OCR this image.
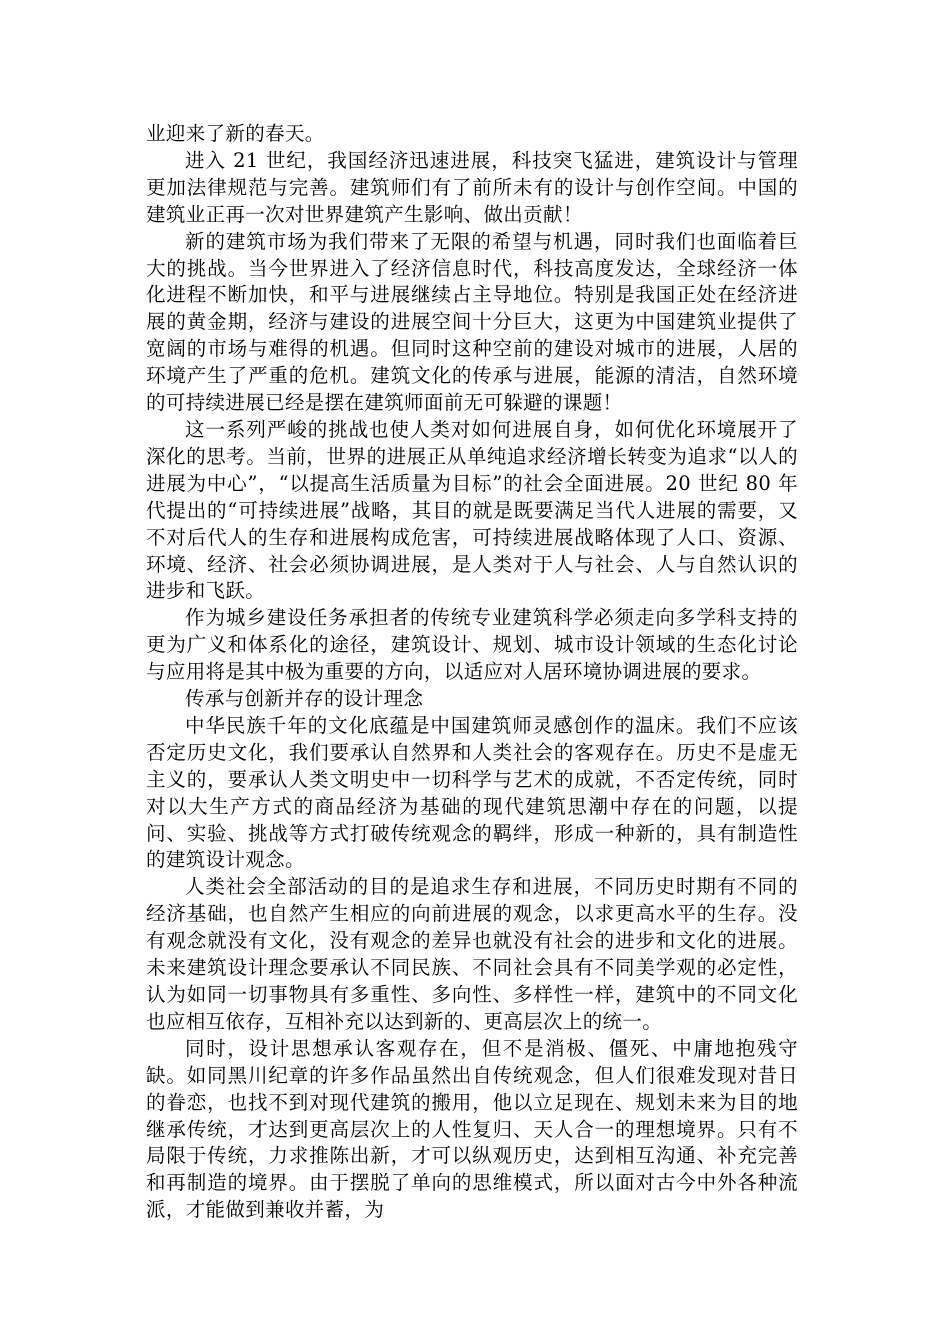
业迎来了新的春天。

进入 21 世纪，我国经济迅速进展，科技突飞猛进，建筑设计与管理更加法律规范与完善。建筑师们有了前所未有的设计与创作空间。中国的建筑业正再一次对世界建筑产生影响、做出贡献！

新的建筑市场为我们带来了无限的希望与机遇，同时我们也面临着巨大的挑战。当今世界进入了经济信息时代，科技高度发达，全球经济一体化进程不断加快，和平与进展继续占主导地位。特别是我国正处在经济进展的黄金期，经济与建设的进展空间十分巨大，这更为中国建筑业提供了宽阔的市场与难得的机遇。但同时这种空前的建设对城市的进展，人居的环境产生了严重的危机。建筑文化的传承与进展，能源的清洁，自然环境的可持续进展已经是摆在建筑师面前无可躲避的课题！

这一系列严峻的挑战也使人类对如何进展自身，如何优化环境展开了深化的思考。当前，世界的进展正从单纯追求经济增长转变为追求“以人的进展为中心”，“以提高生活质量为目标”的社会全面进展。20 世纪 80 年代提出的“可持续进展”战略，其目的就是既要满足当代人进展的需要，又不对后代人的生存和进展构成危害，可持续进展战略体现了人口、资源、环境、经济、社会必须协调进展，是人类对于人与社会、人与自然认识的进步和飞跃。

作为城乡建设任务承担者的传统专业建筑科学必须走向多学科支持的更为广义和体系化的途径，建筑设计、规划、城市设计领域的生态化讨论与应用将是其中极为重要的方向，以适应对人居环境协调进展的要求。

传承与创新并存的设计理念

中华民族千年的文化底蕴是中国建筑师灵感创作的温床。我们不应该否定历史文化，我们要承认自然界和人类社会的客观存在。历史不是虚无主义的，要承认人类文明史中一切科学与艺术的成就，不否定传统，同时对以大生产方式的商品经济为基础的现代建筑思潮中存在的问题，以提问、实验、挑战等方式打破传统观念的羁绊，形成一种新的，具有制造性的建筑设计观念。

人类社会全部活动的目的是追求生存和进展，不同历史时期有不同的经济基础，也自然产生相应的向前进展的观念，以求更高水平的生存。没有观念就没有文化，没有观念的差异也就没有社会的进步和文化的进展。未来建筑设计理念要承认不同民族、不同社会具有不同美学观的必定性，认为如同一切事物具有多重性、多向性、多样性一样，建筑中的不同文化也应相互依存，互相补充以达到新的、更高层次上的统一。

同时，设计思想承认客观存在，但不是消极、僵死、中庸地抱残守缺。如同黑川纪章的许多作品虽然出自传统观念，但人们很难发现对昔日的眷恋，也找不到对现代建筑的搬用，他以立足现在、规划未来为目的地继承传统，才达到更高层次上的人性复归、天人合一的理想境界。只有不局限于传统，力求推陈出新，才可以纵观历史，达到相互沟通、补充完善和再制造的境界。由于摆脱了单向的思维模式，所以面对古今中外各种流派，才能做到兼收并蓄，为
